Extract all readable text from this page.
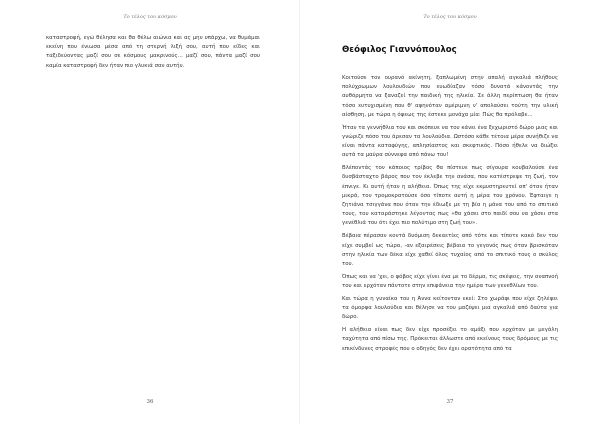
Το τέλος του κόσμου
καταστροφή, εγώ θέλησα και θα θέλω αιώνια και ας μην υπάρχω, να θυμάμαι εκείνη που ένιωσα μέσα από τη στερνή λιξή σου, αυτή που είδες και ταξιδεύοντας μαζί σου σε κόσμους μακρινούς... μαζί σου, πάντα μαζί σου καμία καταστροφή δεν ήταν πιο γλυκιά σαν αυτήν.
36
Το τέλος του κόσμου
Θεόφιλος Γιαννόπουλος

Κοιτούσε τον ουρανό ακίνητη, ξαπλωμένη στην απαλή αγκαλιά πλήθους πολύχρωμων λουλουδιών που ευωδίαζαν τόσο δυνατά κάνοντάς την αυθόρμητα να ξαναζεί την παιδική της ηλικία. Σε άλλη περίπτωση θα ήταν τόσο ευτυχισμένη που θ' αφηνόταν αμέριμνη ν' απολαύσει τούτη την υλική αίσθηση, με τώρα η όψεως της έστεκε μονάχα μία: Πώς θα πρόλαβε...

Ήταν τα γεννήθλια του και σκόπευε να του κάνει ένα ξεχωριστό δώρο μιας και γνώριζε πόσο του άρεσαν τα λουλούδια. Ωστόσο κάθε τέτοια μέρα συνήθιζε να είναι πάντα καταφύγης, απλησίαστος και σκεφτικός. Πόσο ήθελε να διώξει αυτά τα μαύρα σύννεφα από πάνω του!

Βλέποντάς τον κάποιος τρίβος θα πίστευε πως σίγουρα κουβαλούσε ένα δυσβάσταχτο βάρος που τον έκλεβε την ανάσα, που κατέστρεψε τη ζωή, τον έπνιγε. Κι αυτή ήταν η αλήθεια. Όπως της είχε εκμυστηρευτεί απ' όταν ήταν μικρά, τον τρομοκρατούσε όσο τίποτε αυτή η μέρα του χρόνου. Έφταιγε η ζητιάνα τσιγγάνα που όταν την έδιωξε με τη βία η μάνα του από το σπιτικό τους, του καταράστηκε λέγοντας πως «θα χάσει στο παιδί σου να χάσει στα γενέθλιά του ότι έχει πιο πολύτιμο στη ζωή του».

Βέβαια πέρασαν κοντά δυόμιση δεκαετίες από τότε και τίποτε κακό δεν του είχε συμβεί ως τώρα, -αν εξαιρέσεις βέβαια το γεγονός πως όταν βρισκόταν στην ηλικία των δέκα είχε χαθεί όλος τυχαίος από το σπιτικό τους ο σκύλος του.

Όπως και να 'χει, ο φόβος είχε γίνει ένα με το δέρμα, τις σκέψεις, την αναπνοή του και ερχόταν πάντοτε στην επιφάνεια την ημέρα των γενεθλίων του.

Και τώρα η γυναίκα του η Άννα κείτονταν εκεί: Στο χωράφι που είχε ζηλέψει τα όμορφα λουλούδια και θέλησε να του μαζέψει μια αγκαλιά από δαύτα για δώρο.

Η αλήθεια είναι πως δεν είχε προσέξει το αμάξι που ερχόταν με μεγάλη ταχύτητα από πίσω της. Πρόκειται άλλωστε από εκείνους τους δρόμους με τις επικίνδυνες στροφές που ο οδηγός δεν έχει ορατότητα από τα

37
